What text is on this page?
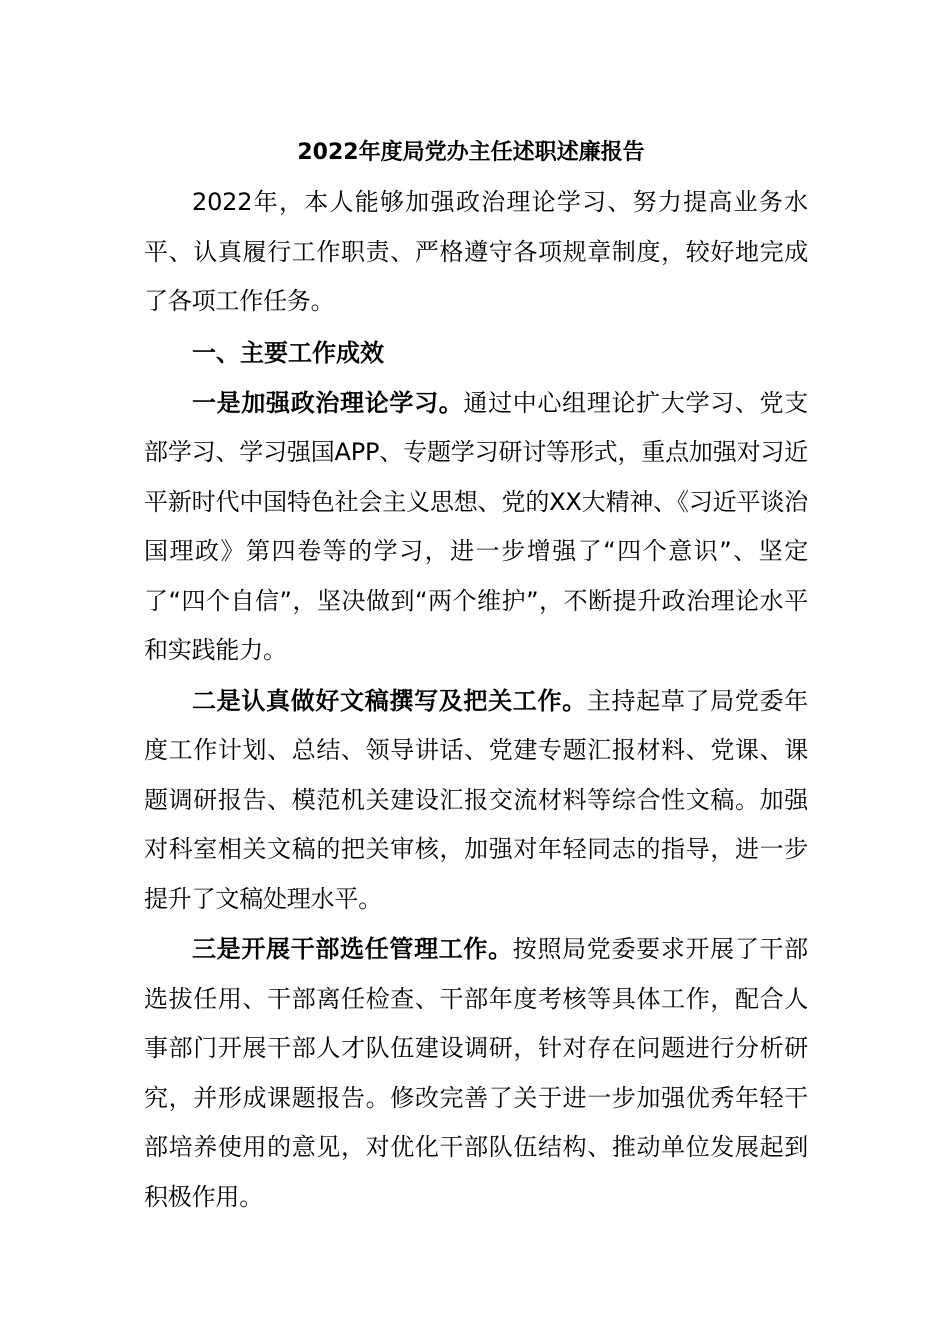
2022年度局党办主任述职述廉报告

2022年，本人能够加强政治理论学习、努力提高业务水平、认真履行工作职责、严格遵守各项规章制度，较好地完成了各项工作任务。

一、主要工作成效

一是加强政治理论学习。通过中心组理论扩大学习、党支部学习、学习强国APP、专题学习研讨等形式，重点加强对习近平新时代中国特色社会主义思想、党的XX大精神、《习近平谈治国理政》第四卷等的学习，进一步增强了“四个意识”、坚定了“四个自信”，坚决做到“两个维护”，不断提升政治理论水平和实践能力。

二是认真做好文稿撰写及把关工作。主持起草了局党委年度工作计划、总结、领导讲话、党建专题汇报材料、党课、课题调研报告、模范机关建设汇报交流材料等综合性文稿。加强对科室相关文稿的把关审核，加强对年轻同志的指导，进一步提升了文稿处理水平。

三是开展干部选任管理工作。按照局党委要求开展了干部选拔任用、干部离任检查、干部年度考核等具体工作，配合人事部门开展干部人才队伍建设调研，针对存在问题进行分析研究，并形成课题报告。修改完善了关于进一步加强优秀年轻干部培养使用的意见，对优化干部队伍结构、推动单位发展起到积极作用。
